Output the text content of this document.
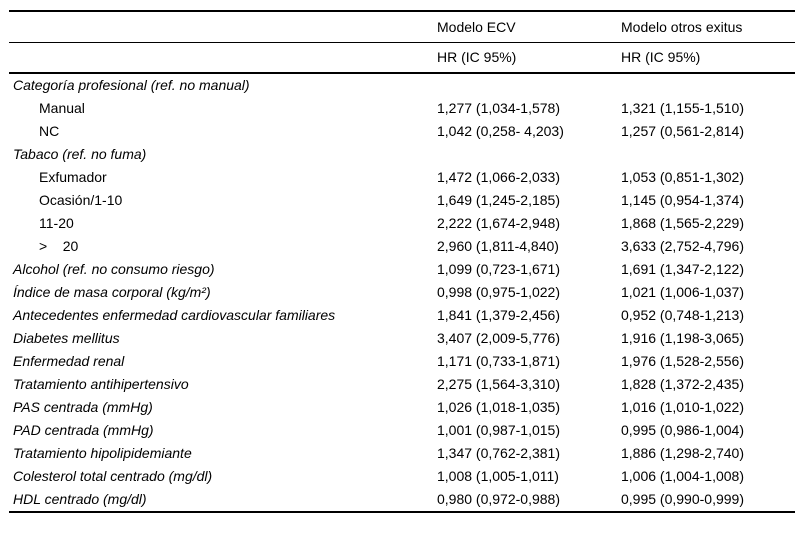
	Modelo ECV	Modelo otros exitus
	HR (IC 95%)	HR (IC 95%)
Categoría profesional (ref. no manual)		
Manual	1,277 (1,034-1,578)	1,321 (1,155-1,510)
NC	1,042 (0,258- 4,203)	1,257 (0,561-2,814)
Tabaco (ref. no fuma)		
Exfumador	1,472 (1,066-2,033)	1,053 (0,851-1,302)
Ocasión/1-10	1,649 (1,245-2,185)	1,145 (0,954-1,374)
11-20	2,222 (1,674-2,948)	1,868 (1,565-2,229)
>    20	2,960 (1,811-4,840)	3,633 (2,752-4,796)
Alcohol (ref. no consumo riesgo)	1,099 (0,723-1,671)	1,691 (1,347-2,122)
Índice de masa corporal (kg/m²)	0,998 (0,975-1,022)	1,021 (1,006-1,037)
Antecedentes enfermedad cardiovascular familiares	1,841 (1,379-2,456)	0,952 (0,748-1,213)
Diabetes mellitus	3,407 (2,009-5,776)	1,916 (1,198-3,065)
Enfermedad renal	1,171 (0,733-1,871)	1,976 (1,528-2,556)
Tratamiento antihipertensivo	2,275 (1,564-3,310)	1,828 (1,372-2,435)
PAS centrada (mmHg)	1,026 (1,018-1,035)	1,016 (1,010-1,022)
PAD centrada (mmHg)	1,001 (0,987-1,015)	0,995 (0,986-1,004)
Tratamiento hipolipidemiante	1,347 (0,762-2,381)	1,886 (1,298-2,740)
Colesterol total centrado (mg/dl)	1,008 (1,005-1,011)	1,006 (1,004-1,008)
HDL centrado (mg/dl)	0,980 (0,972-0,988)	0,995 (0,990-0,999)
